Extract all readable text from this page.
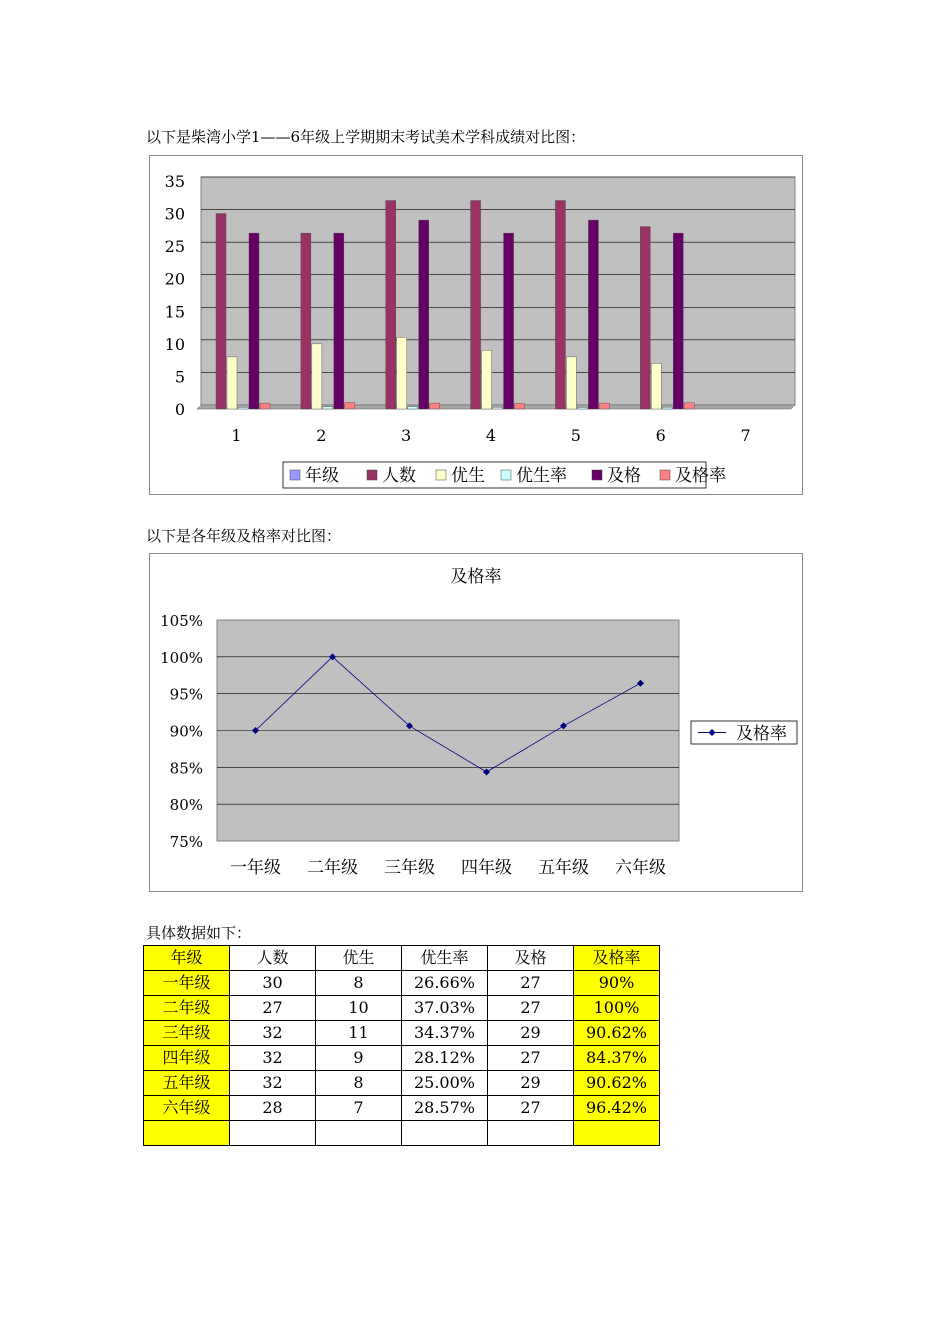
以下是柴湾小学1——6年级上学期期末考试美术学科成绩对比图：
0
5
10
15
20
25
30
35
1	2	3	4	5	6	7
年级	人数 优生 优生率 及格 及格率
以下是各年级及格率对比图：
及格率
75%
80%
85%
90%
95%
100%
105%
一年级 二年级 三年级 四年级 五年级 六年级
及格率
具体数据如下：
年级	人数	优生	优生率	及格	及格率
一年级	30	8	26.66%	27	90%
二年级	27	10	37.03%	27	100%
三年级	32	11	34.37%	29	90.62%
四年级	32	9	28.12%	27	84.37%
五年级	32	8	25.00%	29	90.62%
六年级	28	7	28.57%	27	96.42%
